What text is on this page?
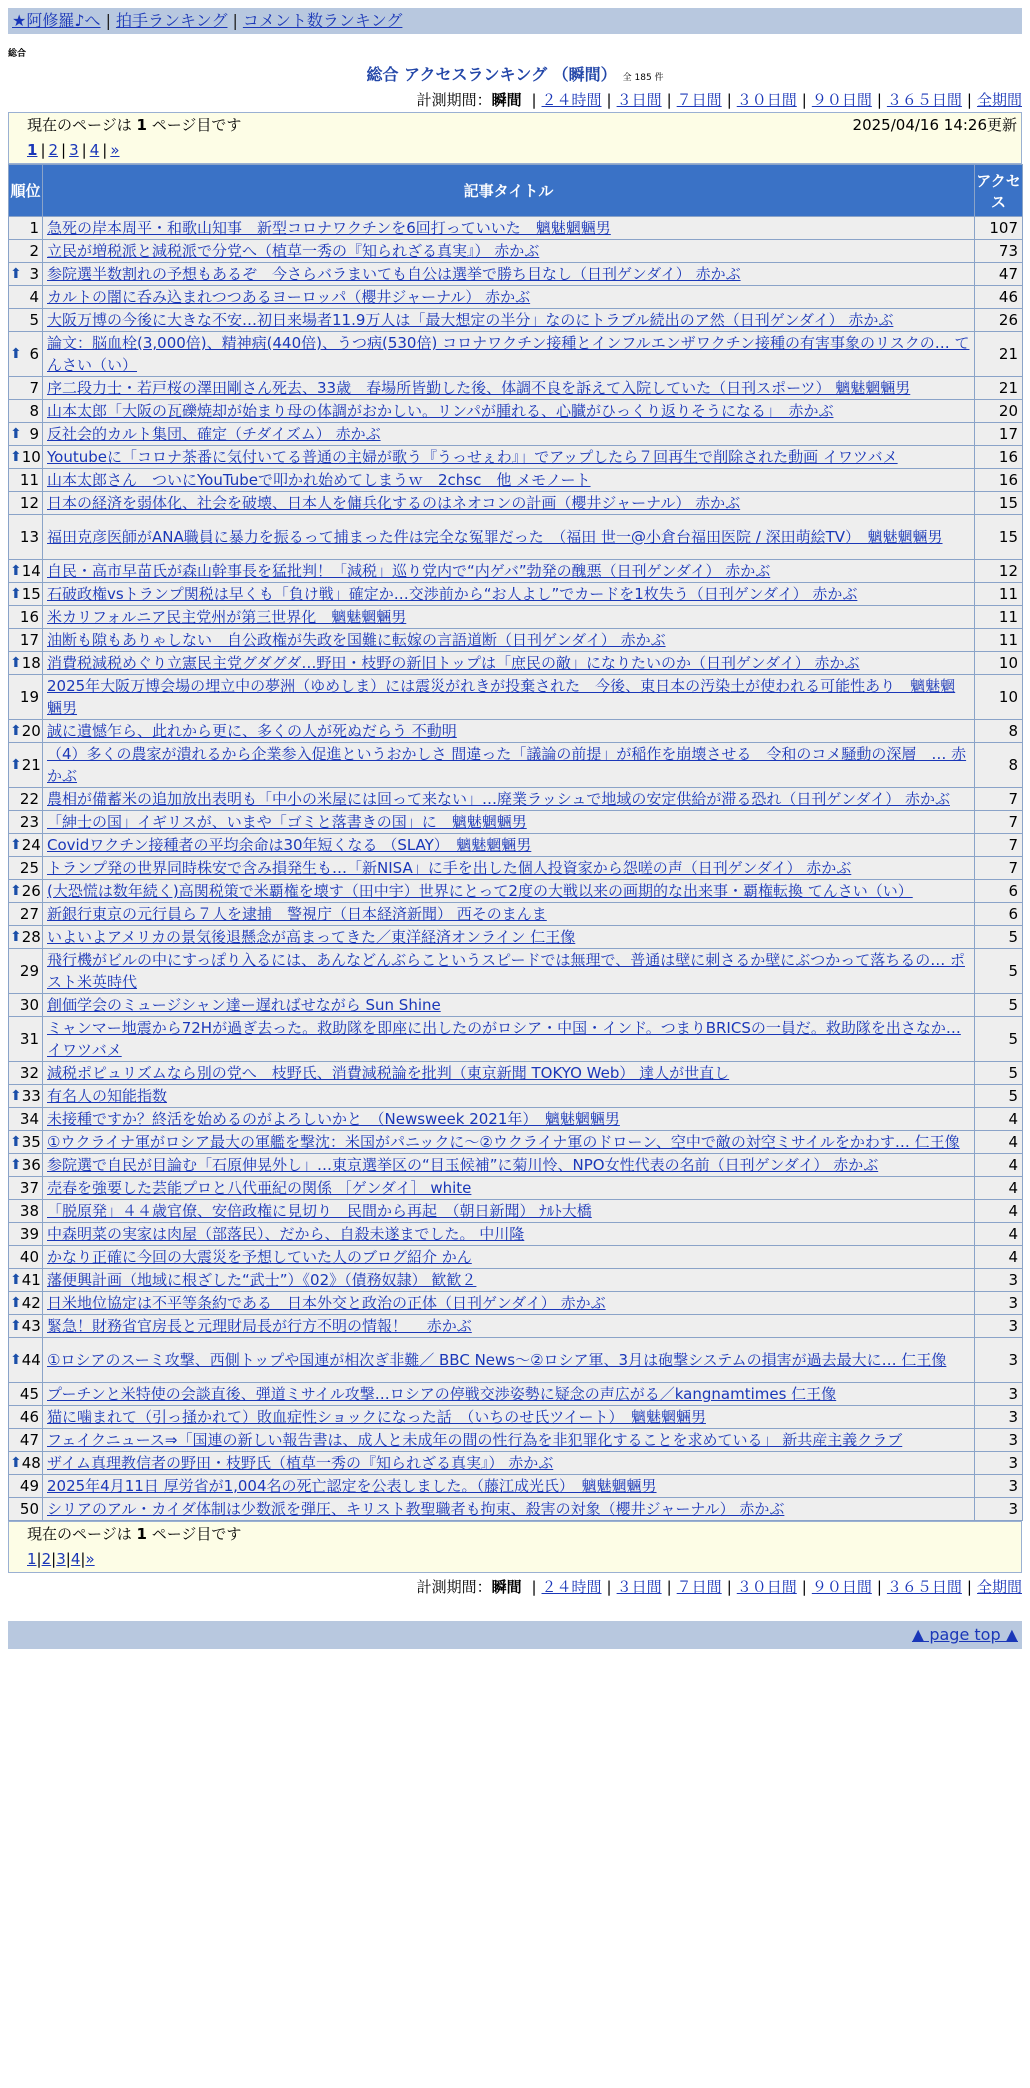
★阿修羅♪へ | 拍手ランキング | コメント数ランキング
総合
総合 アクセスランキング （瞬間） 全 185 件
計測期間：瞬間 | ２４時間 | ３日間 | ７日間 | ３０日間 | ９０日間 | ３６５日間 | 全期間
現在のページは 1 ページ目です	2025/04/16 14:26更新
1 | 2 | 3 | 4 | »
順位	記事タイトル	アクセス

1	急死の岸本周平・和歌山知事　新型コロナワクチンを6回打っていいた　魑魅魍魎男	107

2	立民が増税派と減税派で分党へ（植草一秀の『知られざる真実』） 赤かぶ	73

⬆ 3	参院選半数割れの予想もあるぞ　今さらバラまいても自公は選挙で勝ち目なし（日刊ゲンダイ） 赤かぶ	47

4	カルトの闇に呑み込まれつつあるヨーロッパ（櫻井ジャーナル） 赤かぶ	46

5	大阪万博の今後に大きな不安…初日来場者11.9万人は「最大想定の半分」なのにトラブル続出のア然（日刊ゲンダイ） 赤かぶ	26

⬆ 6	論文：脳血栓(3,000倍)、精神病(440倍)、うつ病(530倍) コロナワクチン接種とインフルエンザワクチン接種の有害事象のリスクの… てんさい（い）	21

7	序二段力士・若戸桜の澤田剛さん死去、33歳　春場所皆勤した後、体調不良を訴えて入院していた（日刊スポーツ） 魑魅魍魎男	21

8	山本太郎「大阪の瓦礫焼却が始まり母の体調がおかしい。リンパが腫れる、心臓がひっくり返りそうになる」　赤かぶ	20

⬆ 9	反社会的カルト集団、確定（チダイズム） 赤かぶ	17

⬆ 10	Youtubeに「コロナ茶番に気付いてる普通の主婦が歌う『うっせぇわ』」でアップしたら７回再生で削除された動画 イワツバメ	16

11	山本太郎さん　ついにYouTubeで叩かれ始めてしまうｗ　2chsc　他 メモノート	16

12	日本の経済を弱体化、社会を破壊、日本人を傭兵化するのはネオコンの計画（櫻井ジャーナル） 赤かぶ	15

13	福田克彦医師がANA職員に暴力を振るって捕まった件は完全な冤罪だった　（福田 世一@小倉台福田医院 / 深田萌絵TV）　魑魅魍魎男	15

⬆ 14	自民・高市早苗氏が森山幹事長を猛批判！「減税」巡り党内で“内ゲバ”勃発の醜悪（日刊ゲンダイ） 赤かぶ	12

⬆ 15	石破政権vsトランプ関税は早くも「負け戦」確定か…交渉前から“お人よし”でカードを1枚失う（日刊ゲンダイ） 赤かぶ	11

16	米カリフォルニア民主党州が第三世界化　魑魅魍魎男	11

17	油断も隙もありゃしない　自公政権が失政を国難に転嫁の言語道断（日刊ゲンダイ） 赤かぶ	11

⬆ 18	消費税減税めぐり立憲民主党グダグダ…野田・枝野の新旧トップは「庶民の敵」になりたいのか（日刊ゲンダイ） 赤かぶ	10

19	2025年大阪万博会場の埋立中の夢洲（ゆめしま）には震災がれきが投棄された　今後、東日本の汚染土が使われる可能性あり　魑魅魍魎男	10

⬆ 20	誠に遺憾乍ら、此れから更に、多くの人が死ぬだらう 不動明	8

⬆ 21	（4）多くの農家が潰れるから企業参入促進というおかしさ 間違った「議論の前提」が稲作を崩壊させる　令和のコメ騒動の深層　… 赤かぶ	8

22	農相が備蓄米の追加放出表明も「中小の米屋には回って来ない」…廃業ラッシュで地域の安定供給が滞る恐れ（日刊ゲンダイ） 赤かぶ	7

23	「紳士の国」イギリスが、いまや「ゴミと落書きの国」に　魑魅魍魎男	7

⬆ 24	Covidワクチン接種者の平均余命は30年短くなる （SLAY）　魑魅魍魎男	7

25	トランプ発の世界同時株安で含み損発生も…「新NISA」に手を出した個人投資家から怨嗟の声（日刊ゲンダイ） 赤かぶ	7

⬆ 26	(大恐慌は数年続く)高関税策で米覇権を壊す（田中宇）世界にとって2度の大戦以来の画期的な出来事・覇権転換 てんさい（い）	6

27	新銀行東京の元行員ら７人を逮捕　警視庁（日本経済新聞） 西そのまんま	6

⬆ 28	いよいよアメリカの景気後退懸念が高まってきた／東洋経済オンライン 仁王像	5

29	飛行機がビルの中にすっぽり入るには、あんなどんぶらこというスピードでは無理で、普通は壁に刺さるか壁にぶつかって落ちるの… ポスト米英時代	5

30	創価学会のミュージシャン達ー遅ればせながら Sun Shine	5

31	ミャンマー地震から72Hが過ぎ去った。救助隊を即座に出したのがロシア・中国・インド。つまりBRICSの一員だ。救助隊を出さなか… イワツバメ	5

32	減税ポピュリズムなら別の党へ　枝野氏、消費減税論を批判（東京新聞 TOKYO Web） 達人が世直し	5

⬆ 33	有名人の知能指数	5

34	未接種ですか？終活を始めるのがよろしいかと　（Newsweek 2021年）　魑魅魍魎男	4

⬆ 35	①ウクライナ軍がロシア最大の軍艦を撃沈：米国がパニックに～②ウクライナ軍のドローン、空中で敵の対空ミサイルをかわす… 仁王像	4

⬆ 36	参院選で自民が目論む「石原伸晃外し」…東京選挙区の“目玉候補”に菊川怜、NPO女性代表の名前（日刊ゲンダイ） 赤かぶ	4

37	売春を強要した芸能プロと八代亜紀の関係 ［ゲンダイ］ white	4

38	「脱原発」４４歳官僚、安倍政権に見切り　民間から再起　（朝日新聞） ﾅﾙﾄ大橋	4

39	中森明菜の実家は肉屋（部落民）、だから、自殺未遂までした。 中川隆	4

40	かなり正確に今回の大震災を予想していた人のブログ紹介 かん	4

⬆ 41	藩便興計画（地域に根ざした“武士”）《02》（債務奴隷） 歓歓２	3

⬆ 42	日米地位協定は不平等条約である　日本外交と政治の正体（日刊ゲンダイ） 赤かぶ	3

⬆ 43	緊急！財務省官房長と元理財局長が行方不明の情報！　 赤かぶ	3

⬆ 44	①ロシアのスーミ攻撃、西側トップや国連が相次ぎ非難／ BBC News～②ロシア軍、3月は砲撃システムの損害が過去最大に… 仁王像	3

45	プーチンと米特使の会談直後、弾道ミサイル攻撃…ロシアの停戦交渉姿勢に疑念の声広がる／kangnamtimes 仁王像	3

46	猫に噛まれて（引っ掻かれて）敗血症性ショックになった話　（いちのせ氏ツイート）　魑魅魍魎男	3

47	フェイクニュース⇒「国連の新しい報告書は、成人と未成年の間の性行為を非犯罪化することを求めている」 新共産主義クラブ	3

⬆ 48	ザイム真理教信者の野田・枝野氏（植草一秀の『知られざる真実』） 赤かぶ	3

49	2025年4月11日 厚労省が1,004名の死亡認定を公表しました。（藤江成光氏）　魑魅魍魎男	3

50	シリアのアル・カイダ体制は少数派を弾圧、キリスト教聖職者も拘束、殺害の対象（櫻井ジャーナル） 赤かぶ	3
現在のページは 1 ページ目です
1|2|3|4|»
計測期間：瞬間 | ２４時間 | ３日間 | ７日間 | ３０日間 | ９０日間 | ３６５日間 | 全期間
▲ page top ▲
